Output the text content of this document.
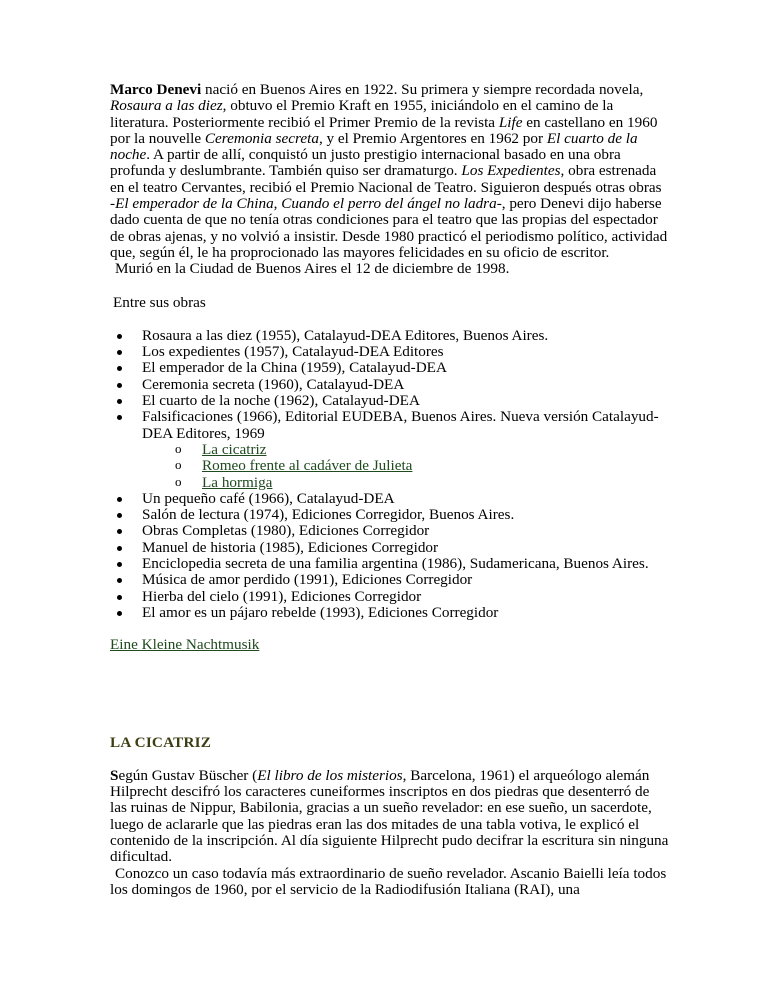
Marco Denevi nació en Buenos Aires en 1922. Su primera y siempre recordada novela, Rosaura a las diez, obtuvo el Premio Kraft en 1955, iniciándolo en el camino de la literatura. Posteriormente recibió el Primer Premio de la revista Life en castellano en 1960 por la nouvelle Ceremonia secreta, y el Premio Argentores en 1962 por El cuarto de la noche. A partir de allí, conquistó un justo prestigio internacional basado en una obra profunda y deslumbrante. También quiso ser dramaturgo. Los Expedientes, obra estrenada en el teatro Cervantes, recibió el Premio Nacional de Teatro. Siguieron después otras obras -El emperador de la China, Cuando el perro del ángel no ladra-, pero Denevi dijo haberse dado cuenta de que no tenía otras condiciones para el teatro que las propias del espectador de obras ajenas, y no volvió a insistir. Desde 1980 practicó el periodismo político, actividad que, según él, le ha proprocionado las mayores felicidades en su oficio de escritor.

Murió en la Ciudad de Buenos Aires el 12 de diciembre de 1998.

Entre sus obras

Rosaura a las diez (1955), Catalayud-DEA Editores, Buenos Aires.
Los expedientes (1957), Catalayud-DEA Editores
El emperador de la China (1959), Catalayud-DEA
Ceremonia secreta (1960), Catalayud-DEA
El cuarto de la noche (1962), Catalayud-DEA
Falsificaciones (1966), Editorial EUDEBA, Buenos Aires. Nueva versión Catalayud-DEA Editores, 1969
o La cicatriz
o Romeo frente al cadáver de Julieta
o La hormiga
Un pequeño café (1966), Catalayud-DEA
Salón de lectura (1974), Ediciones Corregidor, Buenos Aires.
Obras Completas (1980), Ediciones Corregidor
Manuel de historia (1985), Ediciones Corregidor
Enciclopedia secreta de una familia argentina (1986), Sudamericana, Buenos Aires.
Música de amor perdido (1991), Ediciones Corregidor
Hierba del cielo (1991), Ediciones Corregidor
El amor es un pájaro rebelde (1993), Ediciones Corregidor

Eine Kleine Nachtmusik

LA CICATRIZ

Según Gustav Büscher (El libro de los misterios, Barcelona, 1961) el arqueólogo alemán Hilprecht descifró los caracteres cuneiformes inscriptos en dos piedras que desenterró de las ruinas de Nippur, Babilonia, gracias a un sueño revelador: en ese sueño, un sacerdote, luego de aclararle que las piedras eran las dos mitades de una tabla votiva, le explicó el contenido de la inscripción. Al día siguiente Hilprecht pudo decifrar la escritura sin ninguna dificultad.

Conozco un caso todavía más extraordinario de sueño revelador. Ascanio Baielli leía todos los domingos de 1960, por el servicio de la Radiodifusión Italiana (RAI), una
